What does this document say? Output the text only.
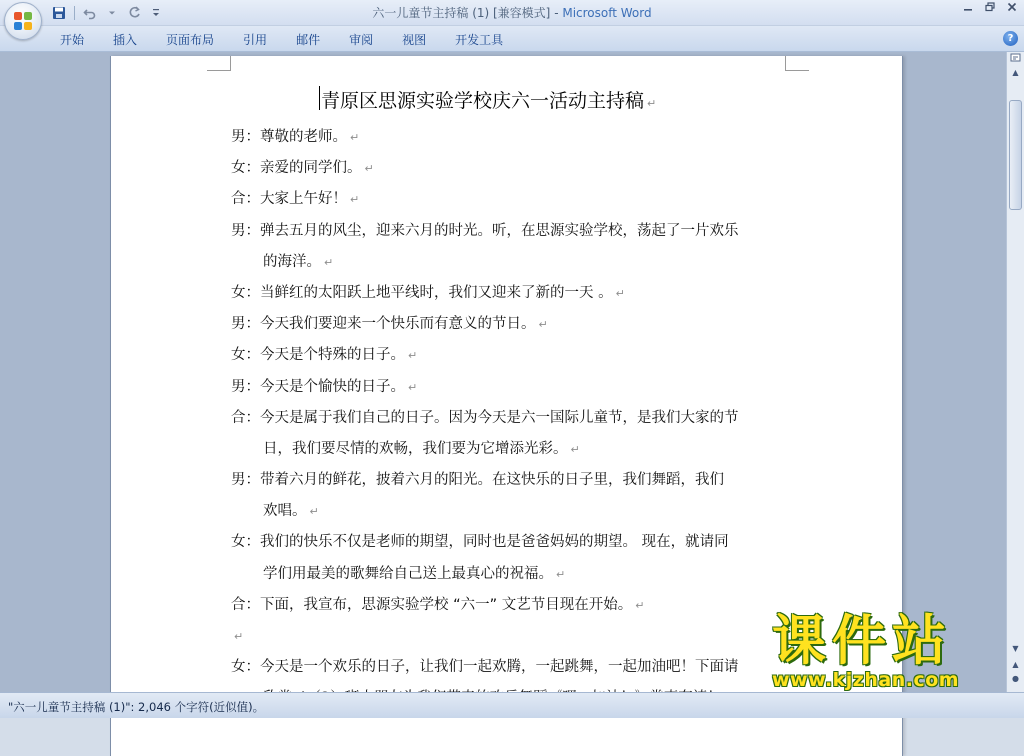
六一儿童节主持稿 (1) [兼容模式] - Microsoft Word
开始	插入	页面布局	引用	邮件	审阅	视图	开发工具	?
青原区思源实验学校庆六一活动主持稿 ↵
男：尊敬的老师。 ↵
女：亲爱的同学们。 ↵
合：大家上午好！ ↵
男：弹去五月的风尘，迎来六月的时光。听，在思源实验学校，荡起了一片欢乐
的海洋。 ↵
女：当鲜红的太阳跃上地平线时，我们又迎来了新的一天 。 ↵
男：今天我们要迎来一个快乐而有意义的节日。 ↵
女：今天是个特殊的日子。 ↵
男：今天是个愉快的日子。 ↵
合：今天是属于我们自己的日子。因为今天是六一国际儿童节，是我们大家的节
日，我们要尽情的欢畅，我们要为它增添光彩。 ↵
男：带着六月的鲜花，披着六月的阳光。在这快乐的日子里，我们舞蹈，我们
欢唱。 ↵
女：我们的快乐不仅是老师的期望，同时也是爸爸妈妈的期望。 现在，就请同
学们用最美的歌舞给自己送上最真心的祝福。 ↵
合：下面，我宣布，思源实验学校 “六一” 文艺节目现在开始。 ↵
↵
女：今天是一个欢乐的日子，让我们一起欢腾，一起跳舞，一起加油吧！下面请
▲
▼
▲
●
"六一儿童节主持稿 (1)": 2,046 个字符(近似值)。
课件站
www.kjzhan.com
